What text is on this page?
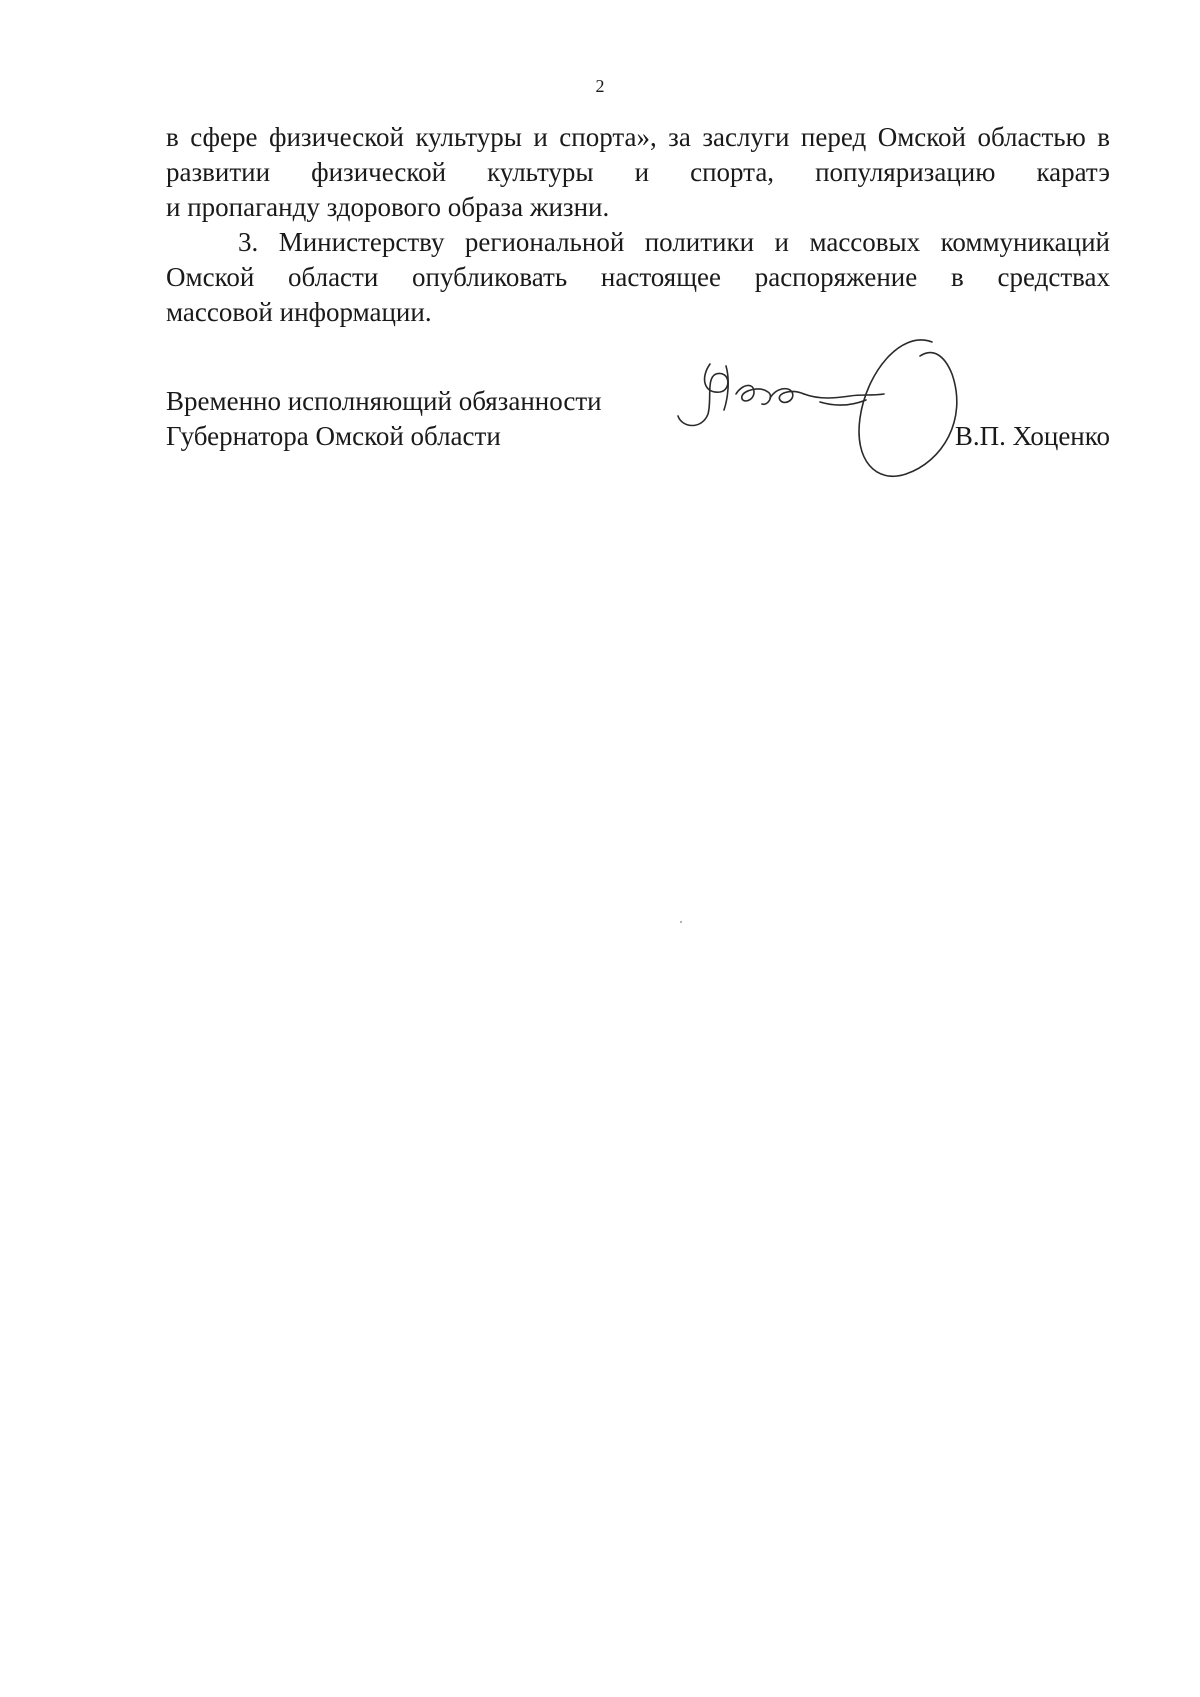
2

в сфере физической культуры и спорта», за заслуги перед Омской областью в
развитии физической культуры и спорта, популяризацию каратэ
и пропаганду здорового образа жизни.

3. Министерству региональной политики и массовых коммуникаций
Омской области опубликовать настоящее распоряжение в средствах
массовой информации.

Временно исполняющий обязанности
Губернатора Омской области	В.П. Хоценко
